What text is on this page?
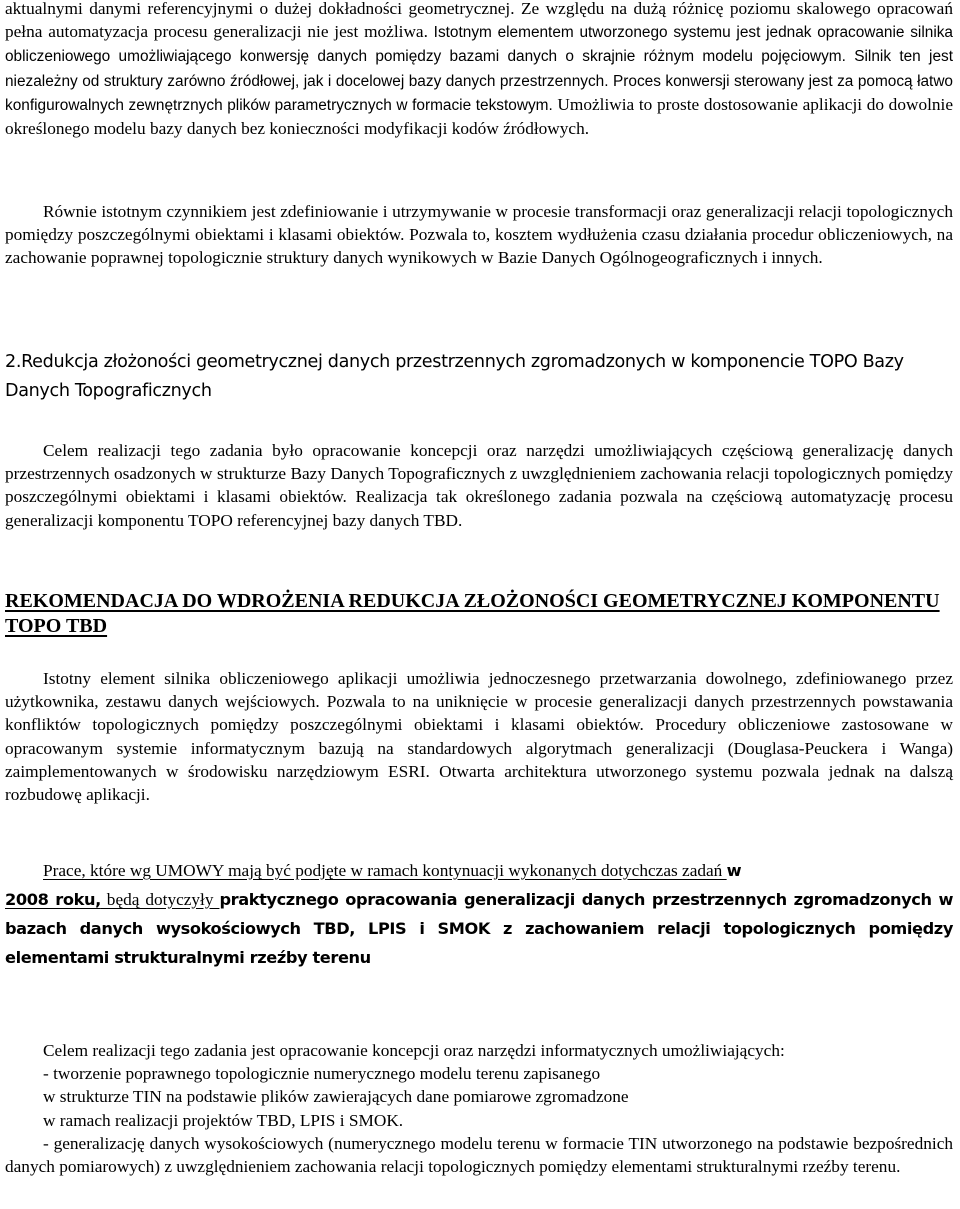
aktualnymi danymi referencyjnymi o dużej dokładności geometrycznej. Ze względu na dużą różnicę poziomu skalowego opracowań pełna automatyzacja procesu generalizacji nie jest możliwa. Istotnym elementem utworzonego systemu jest jednak opracowanie silnika obliczeniowego umożliwiającego konwersję danych pomiędzy bazami danych o skrajnie różnym modelu pojęciowym. Silnik ten jest niezależny od struktury zarówno źródłowej, jak i docelowej bazy danych przestrzennych. Proces konwersji sterowany jest za pomocą łatwo konfigurowalnych zewnętrznych plików parametrycznych w formacie tekstowym. Umożliwia to proste dostosowanie aplikacji do dowolnie określonego modelu bazy danych bez konieczności modyfikacji kodów źródłowych.

Równie istotnym czynnikiem jest zdefiniowanie i utrzymywanie w procesie transformacji oraz generalizacji relacji topologicznych pomiędzy poszczególnymi obiektami i klasami obiektów. Pozwala to, kosztem wydłużenia czasu działania procedur obliczeniowych, na zachowanie poprawnej topologicznie struktury danych wynikowych w Bazie Danych Ogólnogeograficznych i innych.

2.Redukcja złożoności geometrycznej danych przestrzennych zgromadzonych w komponencie TOPO Bazy Danych Topograficznych

Celem realizacji tego zadania było opracowanie koncepcji oraz narzędzi umożliwiających częściową generalizację danych przestrzennych osadzonych w strukturze Bazy Danych Topograficznych z uwzględnieniem zachowania relacji topologicznych pomiędzy poszczególnymi obiektami i klasami obiektów. Realizacja tak określonego zadania pozwala na częściową automatyzację procesu generalizacji komponentu TOPO referencyjnej bazy danych TBD.

REKOMENDACJA DO WDROŻENIA REDUKCJA ZŁOŻONOŚCI GEOMETRYCZNEJ KOMPONENTU TOPO TBD

Istotny element silnika obliczeniowego aplikacji umożliwia jednoczesnego przetwarzania dowolnego, zdefiniowanego przez użytkownika, zestawu danych wejściowych. Pozwala to na uniknięcie w procesie generalizacji danych przestrzennych powstawania konfliktów topologicznych pomiędzy poszczególnymi obiektami i klasami obiektów. Procedury obliczeniowe zastosowane w opracowanym systemie informatycznym bazują na standardowych algorytmach generalizacji (Douglasa-Peuckera i Wanga) zaimplementowanych w środowisku narzędziowym ESRI. Otwarta architektura utworzonego systemu pozwala jednak na dalszą rozbudowę aplikacji.

Prace, które wg UMOWY mają być podjęte w ramach kontynuacji wykonanych dotychczas zadań w
2008 roku, będą dotyczyły praktycznego opracowania generalizacji danych przestrzennych zgromadzonych w bazach danych wysokościowych TBD, LPIS i SMOK z zachowaniem relacji topologicznych pomiędzy elementami strukturalnymi rzeźby terenu

Celem realizacji tego zadania jest opracowanie koncepcji oraz narzędzi informatycznych umożliwiających:

- tworzenie poprawnego topologicznie numerycznego modelu terenu zapisanego

w strukturze TIN na podstawie plików zawierających dane pomiarowe zgromadzone

w ramach realizacji projektów TBD, LPIS i SMOK.

- generalizację danych wysokościowych (numerycznego modelu terenu w formacie TIN utworzonego na podstawie bezpośrednich danych pomiarowych) z uwzględnieniem zachowania relacji topologicznych pomiędzy elementami strukturalnymi rzeźby terenu.
